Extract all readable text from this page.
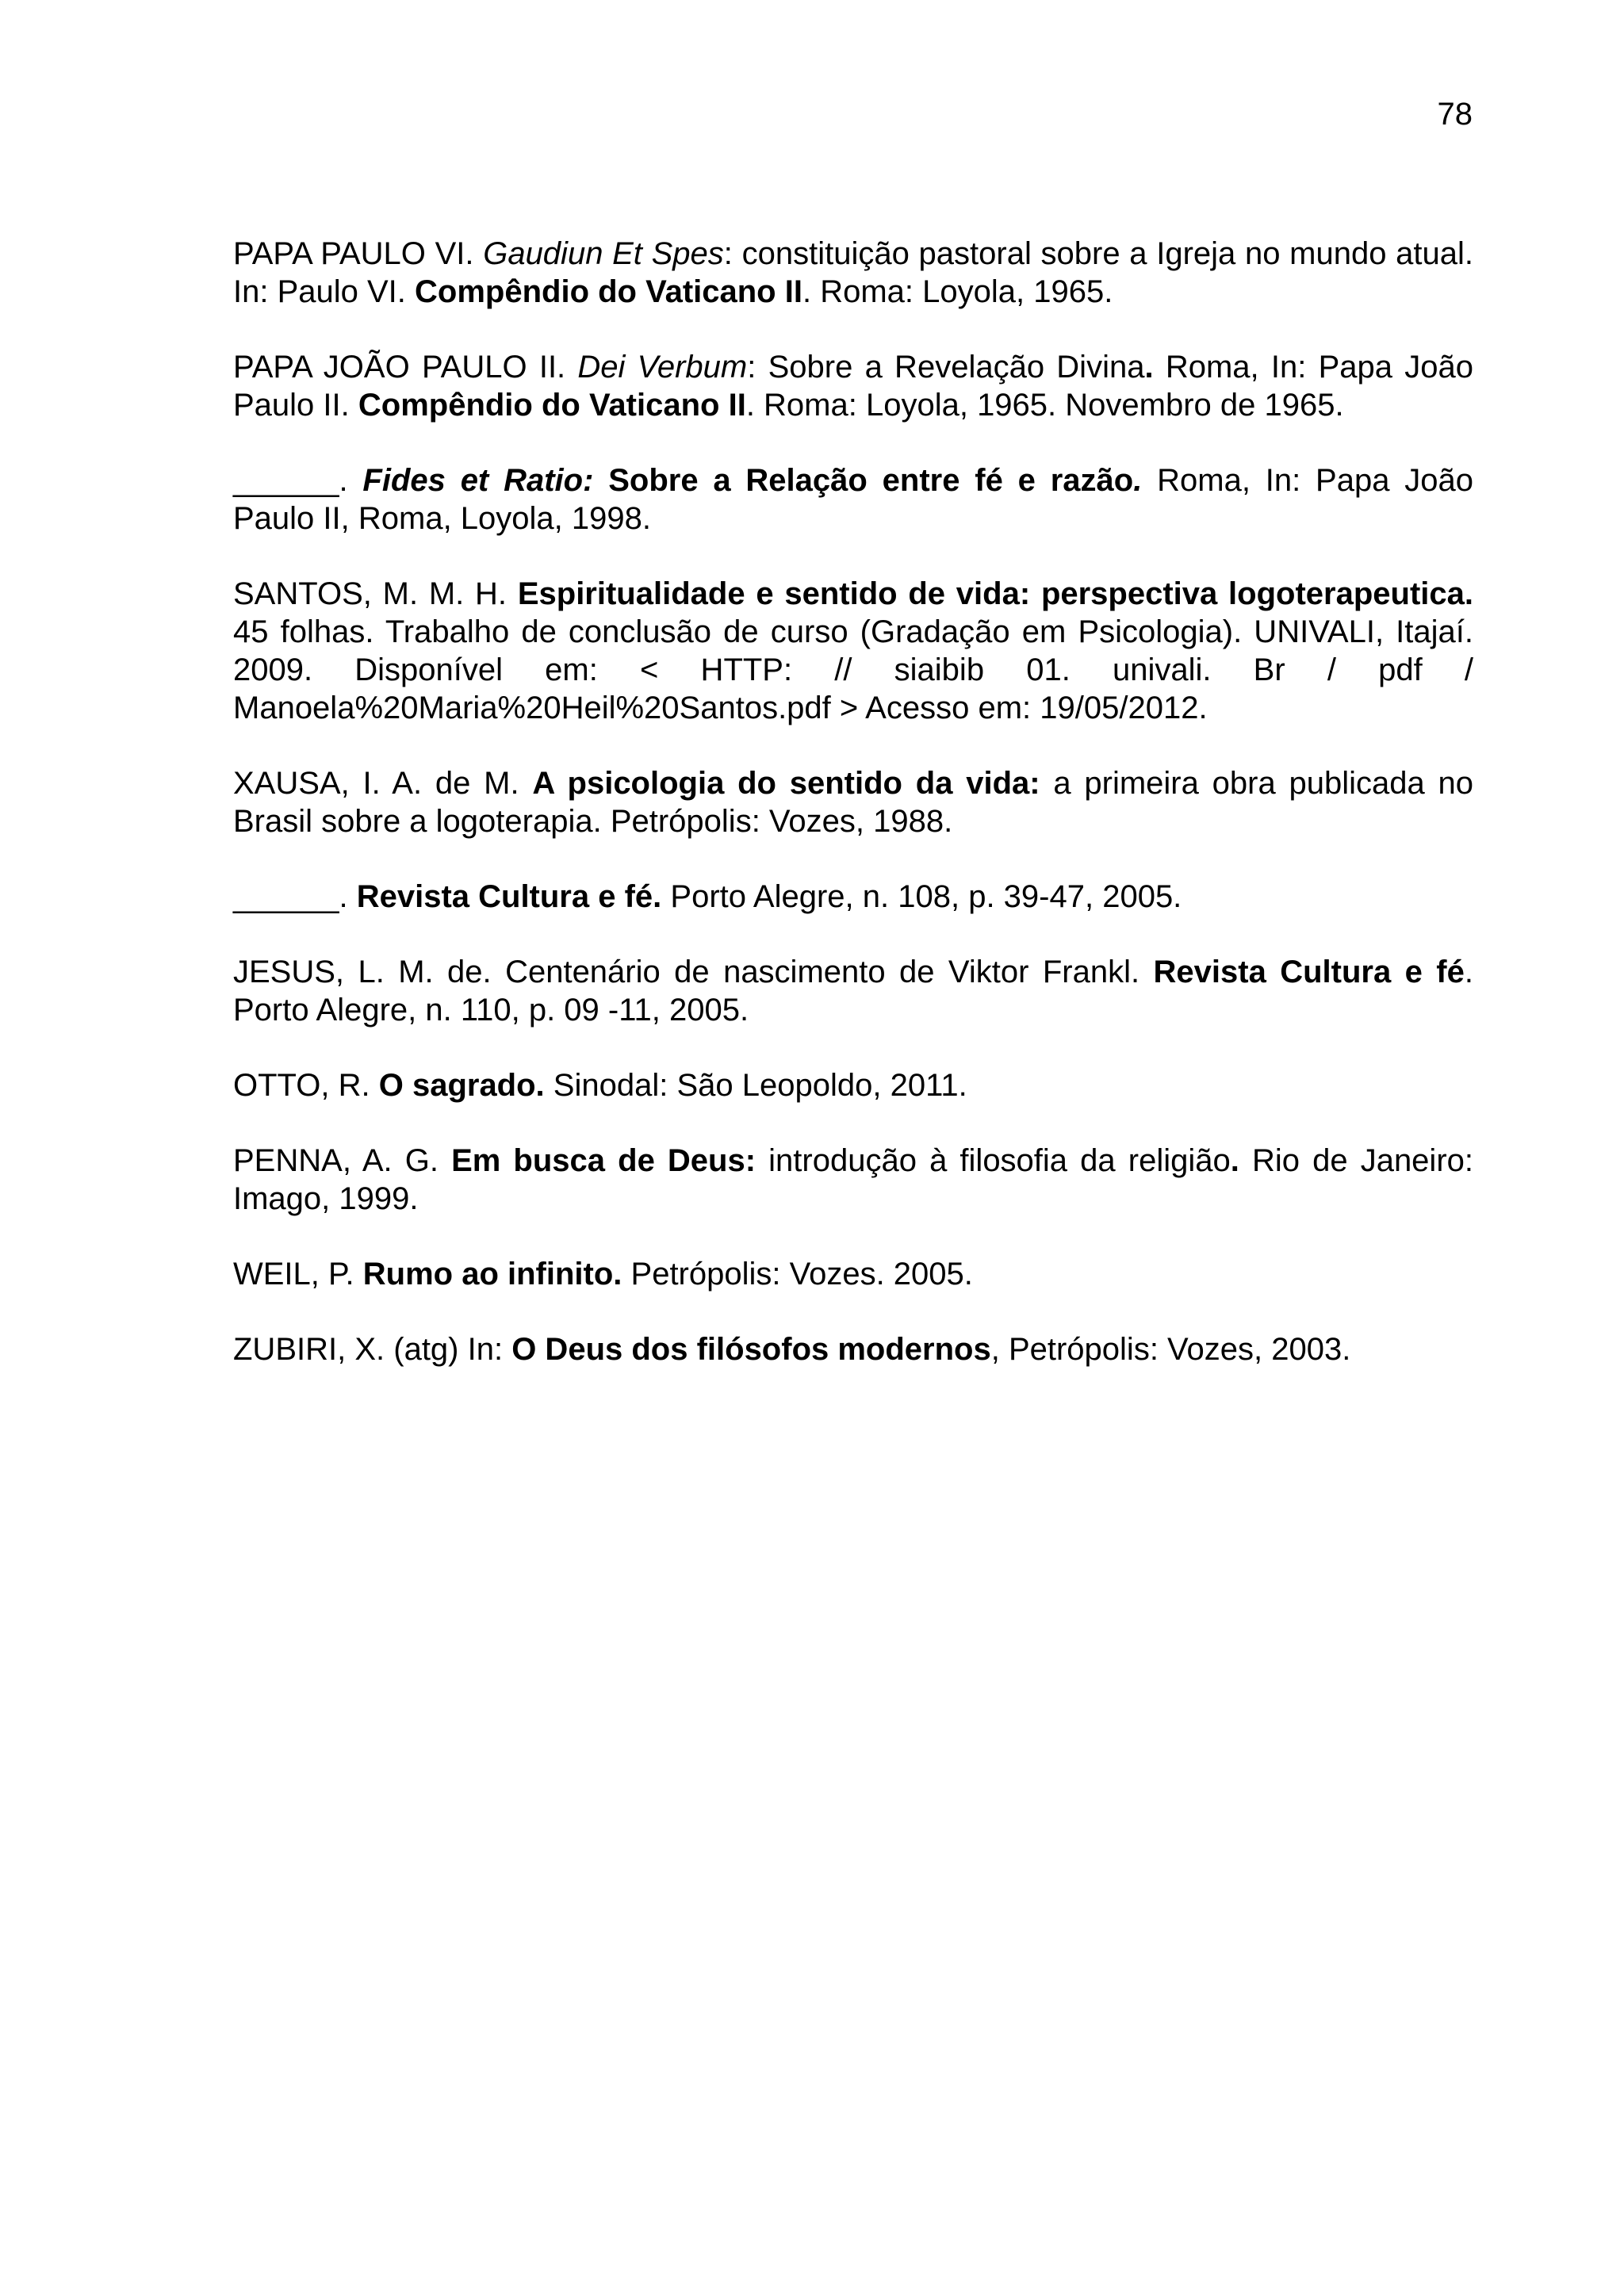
78

PAPA PAULO VI. Gaudiun Et Spes: constituição pastoral sobre a Igreja no mundo atual. In: Paulo VI. Compêndio do Vaticano II. Roma: Loyola, 1965.

PAPA JOÃO PAULO II. Dei Verbum: Sobre a Revelação Divina. Roma, In: Papa João Paulo II. Compêndio do Vaticano II. Roma: Loyola, 1965. Novembro de 1965.

______. Fides et Ratio: Sobre a Relação entre fé e razão. Roma, In: Papa João Paulo II, Roma, Loyola, 1998.

SANTOS, M. M. H. Espiritualidade e sentido de vida: perspectiva logoterapeutica. 45 folhas. Trabalho de conclusão de curso (Gradação em Psicologia). UNIVALI, Itajaí. 2009. Disponível em: < HTTP: // siaibib 01. univali. Br / pdf / Manoela%20Maria%20Heil%20Santos.pdf > Acesso em: 19/05/2012.

XAUSA, I. A. de M. A psicologia do sentido da vida: a primeira obra publicada no Brasil sobre a logoterapia. Petrópolis: Vozes, 1988.

______. Revista Cultura e fé. Porto Alegre, n. 108, p. 39-47, 2005.

JESUS, L. M. de. Centenário de nascimento de Viktor Frankl. Revista Cultura e fé. Porto Alegre, n. 110, p. 09 -11, 2005.

OTTO, R. O sagrado. Sinodal: São Leopoldo, 2011.

PENNA, A. G. Em busca de Deus: introdução à filosofia da religião. Rio de Janeiro: Imago, 1999.

WEIL, P. Rumo ao infinito. Petrópolis: Vozes. 2005.

ZUBIRI, X. (atg) In: O Deus dos filósofos modernos, Petrópolis: Vozes, 2003.
